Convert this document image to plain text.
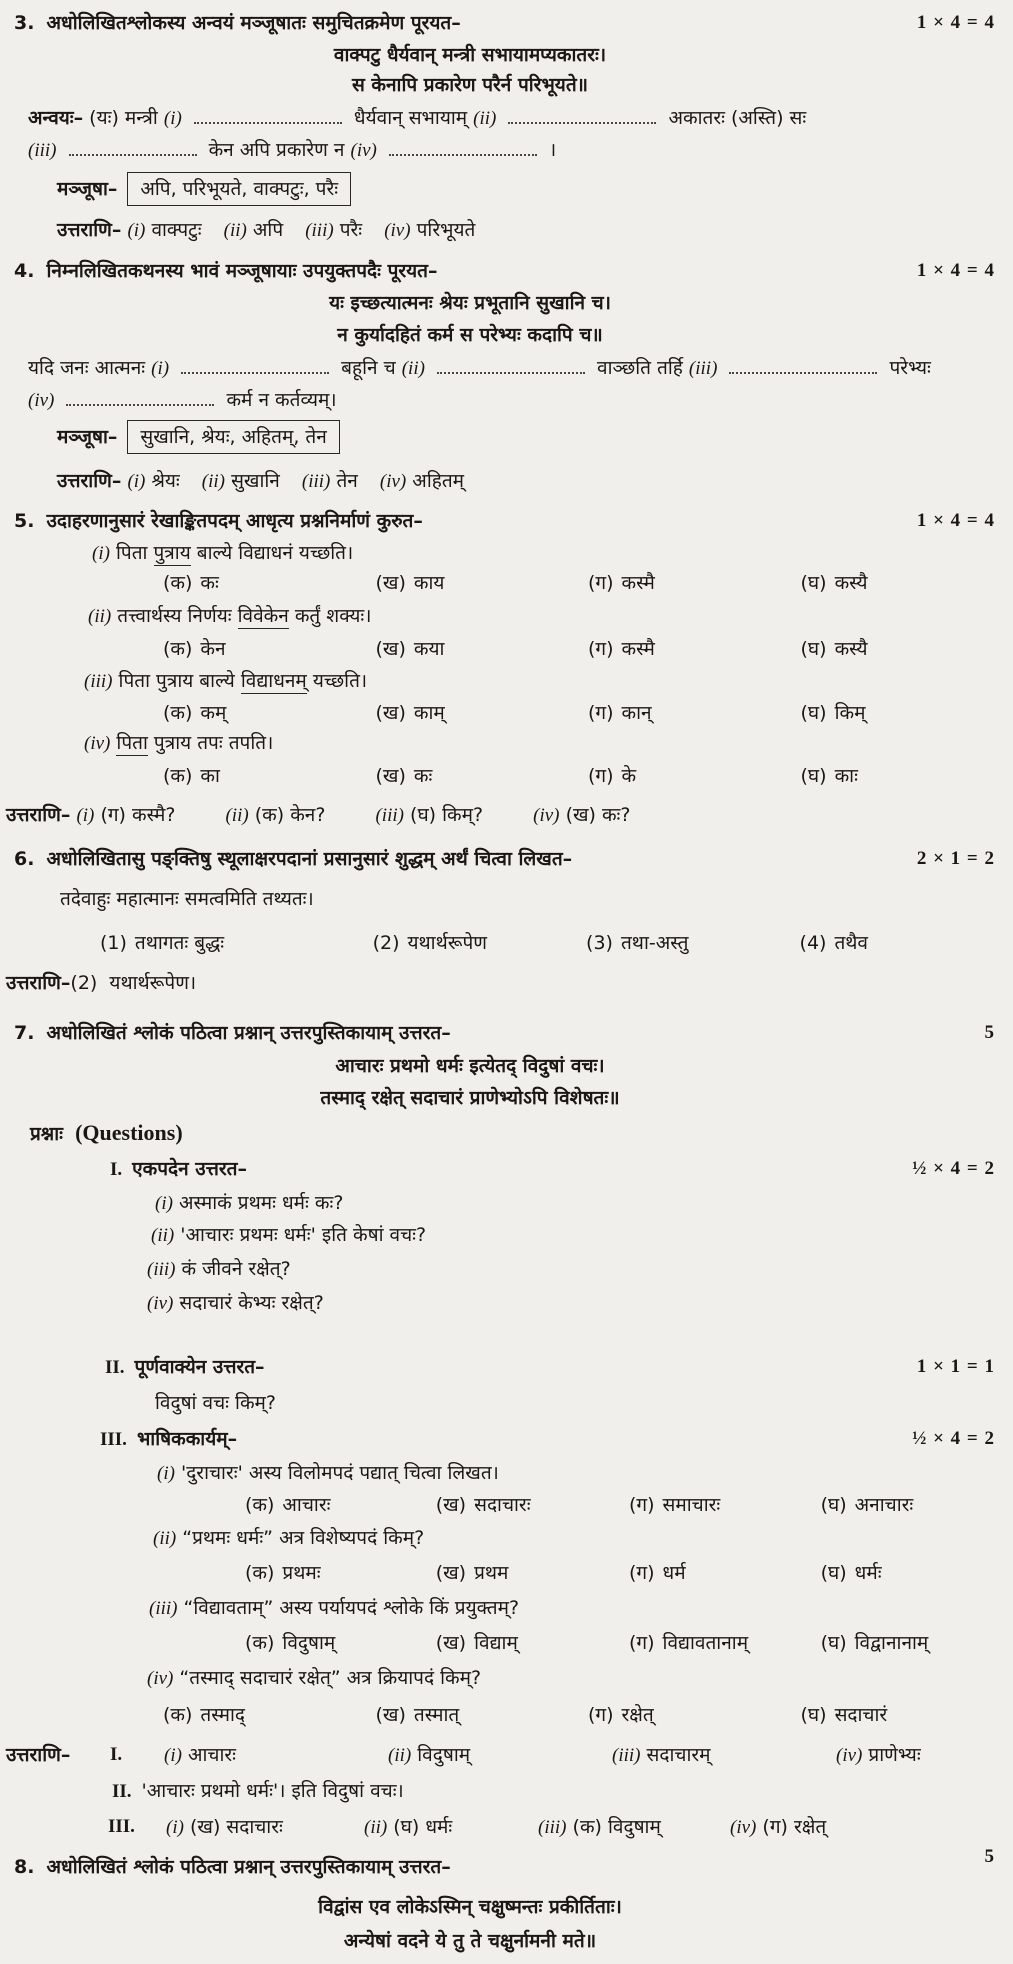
3. अधोलिखितश्लोकस्य अन्वयं मञ्जूषातः समुचितक्रमेण पूरयत–	1 × 4 = 4
वाक्पटु धैर्यवान् मन्त्री सभायामप्यकातरः।
स केनापि प्रकारेण परैर्न परिभूयते॥
अन्वयः– (यः) मन्त्री (i)	धैर्यवान् सभायाम् (ii)	अकातरः (अस्ति) सः
(iii)	केन अपि प्रकारेण न (iv)	।
मञ्जूषा– अपि, परिभूयते, वाक्पटुः, परैः
उत्तराणि– (i) वाक्पटुः (ii) अपि (iii) परैः (iv) परिभूयते
4. निम्नलिखितकथनस्य भावं मञ्जूषायाः उपयुक्तपदैः पूरयत–	1 × 4 = 4
यः इच्छत्यात्मनः श्रेयः प्रभूतानि सुखानि च।
न कुर्यादहितं कर्म स परेभ्यः कदापि च॥
यदि जनः आत्मनः (i)	बहूनि च (ii)	वाञ्छति तर्हि (iii)	परेभ्यः
(iv)	कर्म न कर्तव्यम्।
मञ्जूषा– सुखानि, श्रेयः, अहितम्, तेन
उत्तराणि– (i) श्रेयः (ii) सुखानि (iii) तेन (iv) अहितम्
5. उदाहरणानुसारं रेखाङ्कितपदम् आधृत्य प्रश्ननिर्माणं कुरुत–	1 × 4 = 4
(i) पिता पुत्राय बाल्ये विद्याधनं यच्छति।
(क) कः	(ख) काय	(ग) कस्मै	(घ) कस्यै
(ii) तत्त्वार्थस्य निर्णयः विवेकेन कर्तुं शक्यः।
(क) केन	(ख) कया	(ग) कस्मै	(घ) कस्यै
(iii) पिता पुत्राय बाल्ये विद्याधनम् यच्छति।
(क) कम्	(ख) काम्	(ग) कान्	(घ) किम्
(iv) पिता पुत्राय तपः तपति।
(क) का	(ख) कः	(ग) के	(घ) काः
उत्तराणि– (i) (ग) कस्मै?	(ii) (क) केन?	(iii) (घ) किम्?	(iv) (ख) कः?
6. अधोलिखितासु पङ्क्तिषु स्थूलाक्षरपदानां प्रसानुसारं शुद्धम् अर्थं चित्वा लिखत–	2 × 1 = 2
तदेवाहुः महात्मानः समत्वमिति तथ्यतः।
(1) तथागतः बुद्धः	(2) यथार्थरूपेण	(3) तथा-अस्तु	(4) तथैव
उत्तराणि–(2) यथार्थरूपेण।
7. अधोलिखितं श्लोकं पठित्वा प्रश्नान् उत्तरपुस्तिकायाम् उत्तरत–	5
आचारः प्रथमो धर्मः इत्येतद् विदुषां वचः।
तस्माद् रक्षेत् सदाचारं प्राणेभ्योऽपि विशेषतः॥
प्रश्नाः (Questions)
I. एकपदेन उत्तरत–	½ × 4 = 2
(i) अस्माकं प्रथमः धर्मः कः?
(ii) 'आचारः प्रथमः धर्मः' इति केषां वचः?
(iii) कं जीवने रक्षेत्?
(iv) सदाचारं केभ्यः रक्षेत्?
II. पूर्णवाक्येन उत्तरत–	1 × 1 = 1
विदुषां वचः किम्?
III. भाषिककार्यम्–	½ × 4 = 2
(i) 'दुराचारः' अस्य विलोमपदं पद्यात् चित्वा लिखत।
(क) आचारः	(ख) सदाचारः	(ग) समाचारः	(घ) अनाचारः
(ii) “प्रथमः धर्मः” अत्र विशेष्यपदं किम्?
(क) प्रथमः	(ख) प्रथम	(ग) धर्म	(घ) धर्मः
(iii) “विद्यावताम्” अस्य पर्यायपदं श्लोके किं प्रयुक्तम्?
(क) विदुषाम्	(ख) विद्याम्	(ग) विद्यावतानाम्	(घ) विद्वानानाम्
(iv) “तस्माद् सदाचारं रक्षेत्” अत्र क्रियापदं किम्?
(क) तस्माद्	(ख) तस्मात्	(ग) रक्षेत्	(घ) सदाचारं
उत्तराणि–	I.	(i) आचारः	(ii) विदुषाम्	(iii) सदाचारम्	(iv) प्राणेभ्यः
II. 'आचारः प्रथमो धर्मः'। इति विदुषां वचः।
III.	(i) (ख) सदाचारः	(ii) (घ) धर्मः	(iii) (क) विदुषाम्	(iv) (ग) रक्षेत्
8. अधोलिखितं श्लोकं पठित्वा प्रश्नान् उत्तरपुस्तिकायाम् उत्तरत–	5
विद्वांस एव लोकेऽस्मिन् चक्षुष्मन्तः प्रकीर्तिताः।
अन्येषां वदने ये तु ते चक्षुर्नामनी मते॥
